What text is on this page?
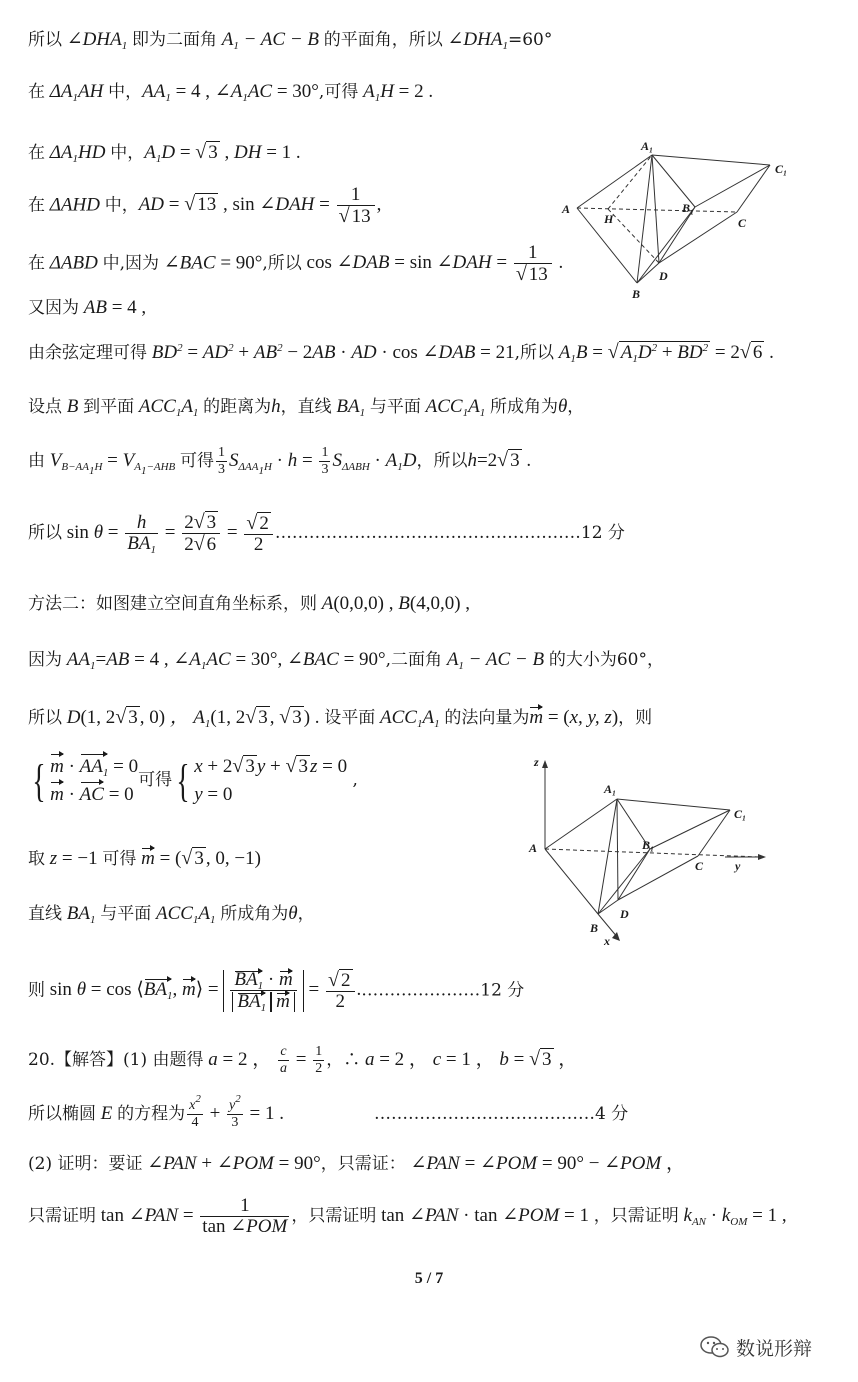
所以 $\angle DHA_1$ 即为二面角 $A_1$ − AC − B 的平面角，所以 $\angle DHA_1=60^\circ$
在 $\Delta A_1AH$ 中，$AA_1 = 4$ , $\angle A_1AC = 30^\circ$,可得 $A_1H = 2$ .
在 $\Delta A_1HD$ 中，$A_1D$ = √ 3 , DH = 1 .
在 ΔAHD 中，AD = √ 13 , sin ∠DAH = $\frac{1}{√ 13}$ ,
在 ΔABD 中,因为 ∠BAC = 90°,所以 cos ∠DAB = sin ∠DAH = $\frac{1}{√ 13}$ .
又因为 AB = 4 ,
由余弦定理可得 $BD^2 = AD^2 + AB^2 - 2AB$ · AD · cos ∠DAB = 21,所以 $A_1B$ = √ $A_1D^2 + BD^2 = 2√$ 6 .
设点 B 到平面 $ACC_1A_1$ 的距离为h，直线 $BA_1$ 与平面 $ACC_1A_1$ 所成角为θ，
由 $V_{B-AA_1H} = V_{A_1-AHB}$ 可得 $\frac{1}{3} S_{\Delta AA_1H} \cdot h = \frac{1}{3} S_{\Delta ABH} \cdot A_1D$，所以h=2√ 3 .
所以 $\sin \theta = \frac{h}{BA_1} = \frac{2√ 3}{2√ 6} = \frac{√ 2}{2}$ ………………………………………………12 分
方法二：如图建立空间直角坐标系，则 A(0,0,0) , B(4,0,0) ,
因为 $AA_1=AB = 4$ , $\angle A_1AC = 30^\circ$, ∠BAC = 90°,二面角 $A_1$ − AC − B 的大小为60°，
所以 D(1, 2√ 3 , 0) ， $A_1(1$, 2√ 3 , √ 3 ) . 设平面 $ACC_1A_1$ 的法向量为m = (x, y, z)，则
{ $m \cdot AA_1 = 0$
m · AC = 0可得{ x + 2√ 3 y + √ 3 z = 0
y = 0 ,
取 z = −1 可得 m = (√ 3 , 0, −1)
直线 $BA_1$ 与平面 $ACC_1A_1$ 所成角为θ，
则 $\sin \theta = \cos ⟨BA_1$, m⟩ = $\frac{BA_1 \cdot m}{BA_1 m} = \frac{√ 2}{2}$ .…………………12 分
20.【解答】(1) 由题得 a = 2 ， $\frac{c}{a} = \frac{1}{2}$ ，∴ a = 2 ， c = 1 ， b = √ 3 ，
所以椭圆 E 的方程为 $\frac{x^2}{4} + \frac{y^2}{3} = 1$ .	…………………………………4 分
(2) 证明：要证 ∠PAN + ∠POM = 90°，只需证： ∠PAN = ∠POM = 90° − ∠POM ，
只需证明 tan ∠PAN = $\frac{1}{\text{tan ∠POM}}$ ，只需证明 tan ∠PAN · tan ∠POM = 1 ，只需证明 $k_{AN} \cdot k_{OM} = 1$ ,
A₁
C₁
A
H
B₁
C
D
B
z
A₁
C₁
A	B₁
C	y
D
B
x
5 / 7
数说形辩
